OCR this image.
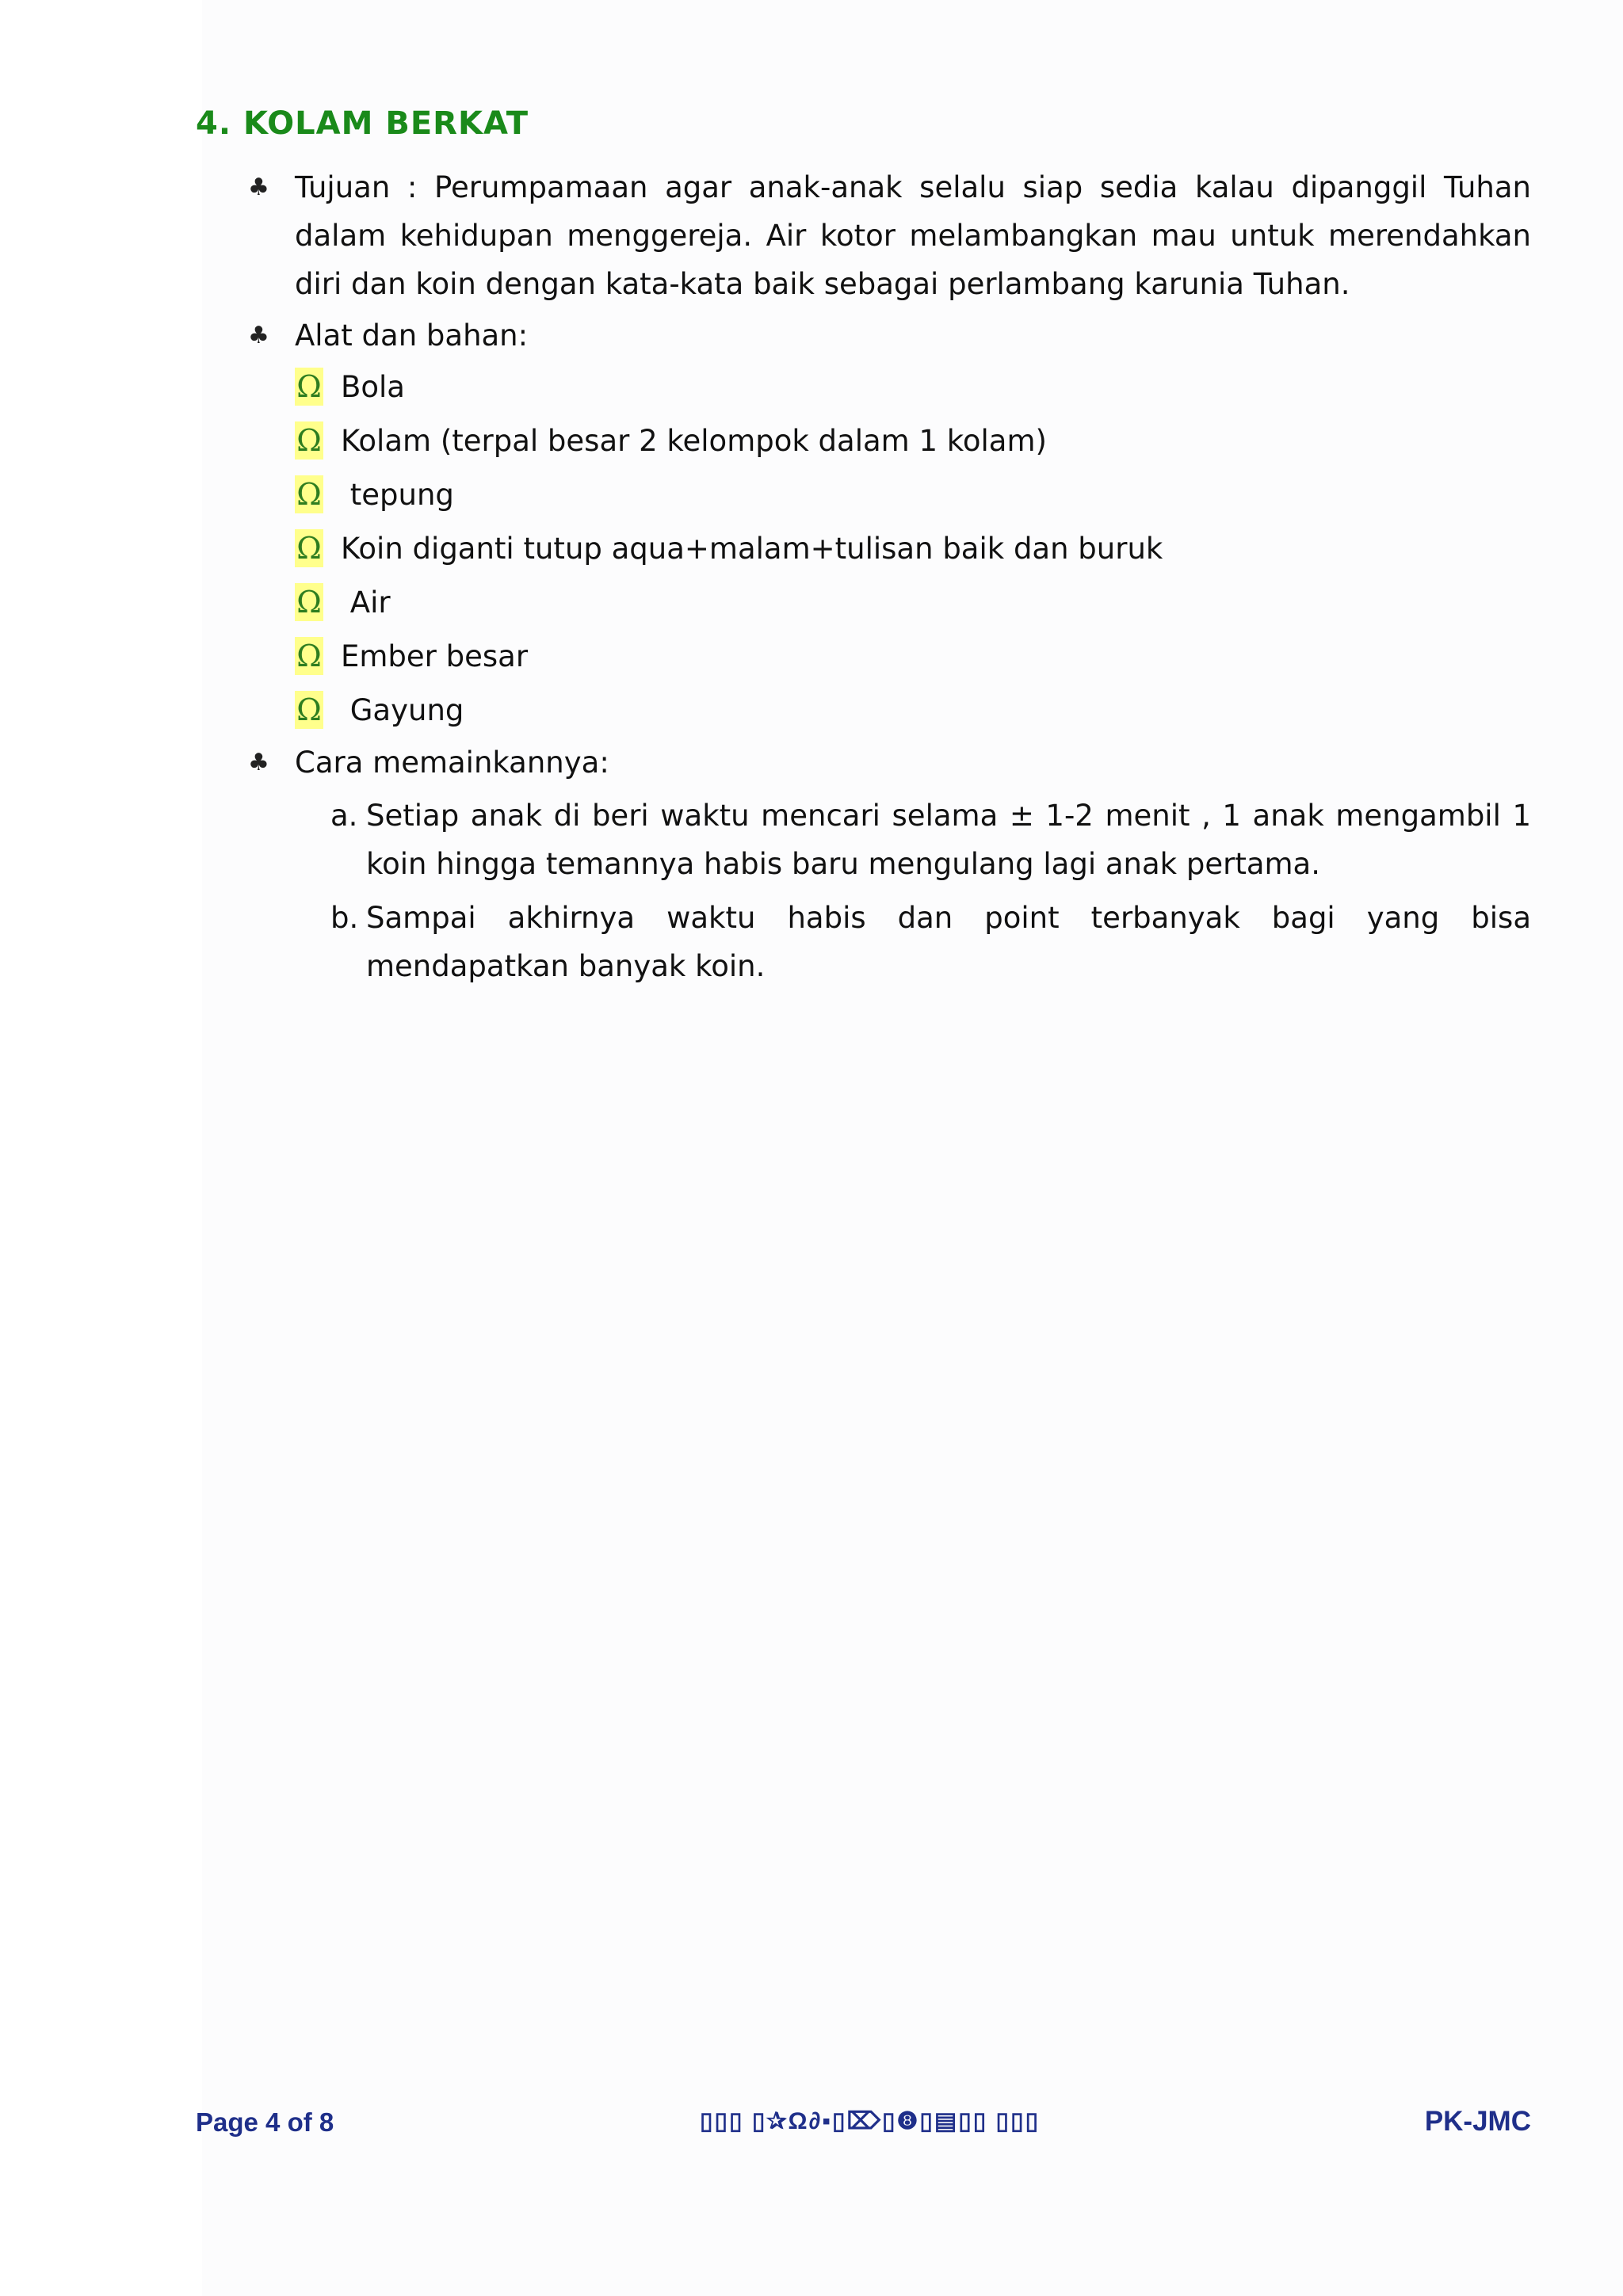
4. KOLAM BERKAT
♣ Tujuan : Perumpamaan agar anak-anak selalu siap sedia kalau dipanggil Tuhan dalam kehidupan menggereja. Air kotor melambangkan mau untuk merendahkan diri dan koin dengan kata-kata baik sebagai perlambang karunia Tuhan.
♣ Alat dan bahan:
Ω Bola
Ω Kolam (terpal besar 2 kelompok dalam 1 kolam)
Ω tepung
Ω Koin diganti tutup aqua+malam+tulisan baik dan buruk
Ω Air
Ω Ember besar
Ω Gayung
♣ Cara memainkannya:
a. Setiap anak di beri waktu mencari selama ± 1-2 menit , 1 anak mengambil 1 koin hingga temannya habis baru mengulang lagi anak pertama.
b. Sampai akhirnya waktu habis dan point terbanyak bagi yang bisa mendapatkan banyak koin.
Page 4 of 8	▯▯▯ ▯✰Ω∂▪▯⌦▯❽▯▤▯▯ ▯▯▯	PK-JMC
